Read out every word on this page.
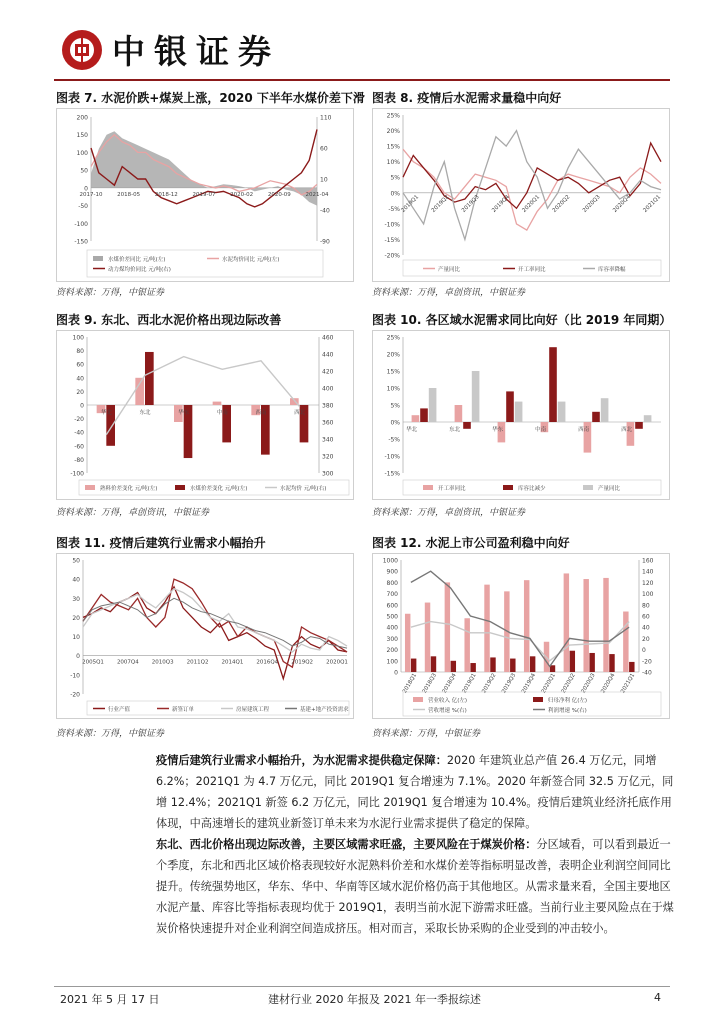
中银证券
图表 7. 水泥价跌+煤炭上涨，2020 下半年水煤价差下滑 图表 8. 疫情后水泥需求量稳中向好
图表 9. 东北、西北水泥价格出现边际改善	图表 10. 各区域水泥需求同比向好（比 2019 年同期）
图表 11. 疫情后建筑行业需求小幅抬升	图表 12. 水泥上市公司盈利稳中向好
-150
-100
-50
0
50
100
150
200
-90
-40
10
60
110
2017-10	2018-05	2018-12	2019-07	2020-02	2020-09	2021-04
水煤价差同比 元/吨(左)	水泥均价同比 元/吨(左)
动力煤均价同比 元/吨(右)
-20%
-15%
-10%
-5%
0%
5%
10%
15%
20%
25%
2019Q1 2019Q2 2019Q3 2019Q4 2020Q1 2020Q2 2020Q3 2020Q4 2021Q1
产量同比	开工率同比	库容率降幅
-100
-80
-60
-40
-20
0
20
40
60
80
100
300
320
340
360
380
400
420
440
460
华北	东北	华东	中南	西南	西北
熟料价差变化 元/吨(左)	水煤价差变化 元/吨(左)	水泥均价 元/吨(右)
-15%
-10%
-5%
0%
5%
10%
15%
20%
25%
华北	东北	华东	中南	西南	西北
开工率同比	库容比减少	产量同比
-20
-10
0
10
20
30
40
50
2005Q1 2007Q4 2010Q3 2011Q2 2014Q1 2016Q4 2019Q2 2020Q1
行业产值	新签订单	房屋建筑工程	基建+地产投资需求
0
100
200
300
400
500
600
700
800
900
1000
-40
-20
0
20
40
60
80
100
120
140
160
2018Q1 2018Q3 2018Q4 2019Q1 2019Q2 2019Q3 2019Q4 2020Q1 2020Q2 2020Q3 2020Q4 2021Q1
营业收入 亿(左)	归母净利 亿(左)
营收增速 %(右)	利润增速 %(右)
资料来源：万得，中银证券	资料来源：万得，卓创资讯，中银证券
资料来源：万得，卓创资讯，中银证券	资料来源：万得，卓创资讯，中银证券
资料来源：万得，中银证券	资料来源：万得，中银证券

疫情后建筑行业需求小幅抬升，为水泥需求提供稳定保障：2020 年建筑业总产值 26.4 万亿元，同增 6.2%；2021Q1 为 4.7 万亿元，同比 2019Q1 复合增速为 7.1%。2020 年新签合同 32.5 万亿元，同增 12.4%；2021Q1 新签 6.2 万亿元，同比 2019Q1 复合增速为 10.4%。疫情后建筑业经济托底作用体现，中高速增长的建筑业新签订单未来为水泥行业需求提供了稳定的保障。

东北、西北价格出现边际改善，主要区域需求旺盛，主要风险在于煤炭价格：分区域看，可以看到最近一个季度，东北和西北区域价格表现较好水泥熟料价差和水煤价差等指标明显改善，表明企业利润空间同比提升。传统强势地区，华东、华中、华南等区域水泥价格仍高于其他地区。从需求量来看，全国主要地区水泥产量、库容比等指标表现均优于 2019Q1，表明当前水泥下游需求旺盛。当前行业主要风险点在于煤炭价格快速提升对企业利润空间造成挤压。相对而言，采取长协采购的企业受到的冲击较小。

2021 年 5 月 17 日	建材行业 2020 年报及 2021 年一季报综述	4
